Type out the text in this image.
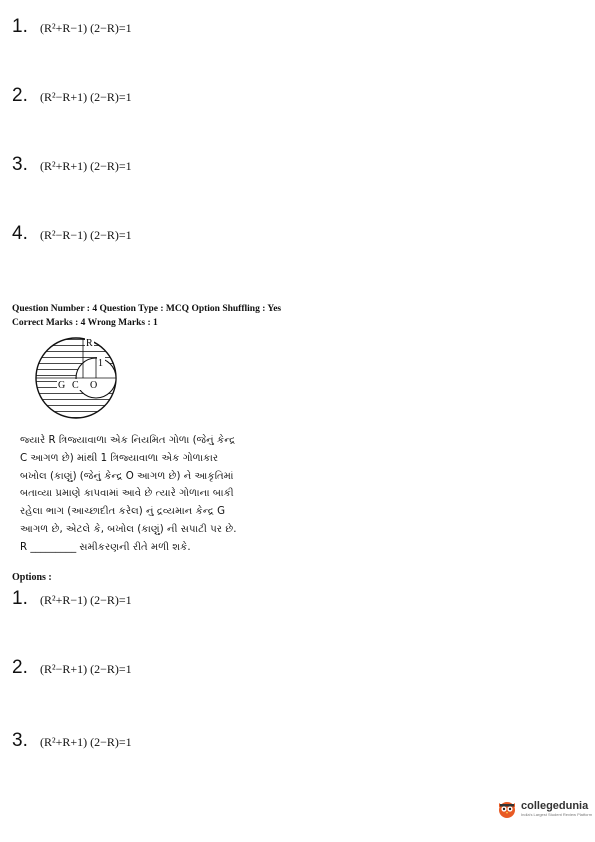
1.	(R²+R−1) (2−R)=1
2.	(R²−R+1) (2−R)=1
3.	(R²+R+1) (2−R)=1
4.	(R²−R−1) (2−R)=1
Question Number : 4 Question Type : MCQ Option Shuffling : Yes
Correct Marks : 4 Wrong Marks : 1
R
1
G C O
જ્યારે R ત્રિજ્યાવાળા એક નિયમિત ગોળા (જેનું કેન્દ્ર
C આગળ છે) માંથી 1 ત્રિજ્યાવાળા એક ગોળાકાર
બખોલ (કાણું) (જેનું કેન્દ્ર O આગળ છે) ને આકૃતિમાં
બતાવ્યા પ્રમાણે કાપવામાં આવે છે ત્યારે ગોળાના બાકી
રહેલા ભાગ (આચ્છાદીત કરેલ) નું દ્રવ્યમાન કેન્દ્ર G
આગળ છે, એટલે કે, બખોલ (કાણું) ની સપાટી પર છે.
R _________ સમીકરણની રીતે મળી શકે.
Options :
1.	(R²+R−1) (2−R)=1
2.	(R²−R+1) (2−R)=1
3.	(R²+R+1) (2−R)=1
collegedunia
India's Largest Student Review Platform
